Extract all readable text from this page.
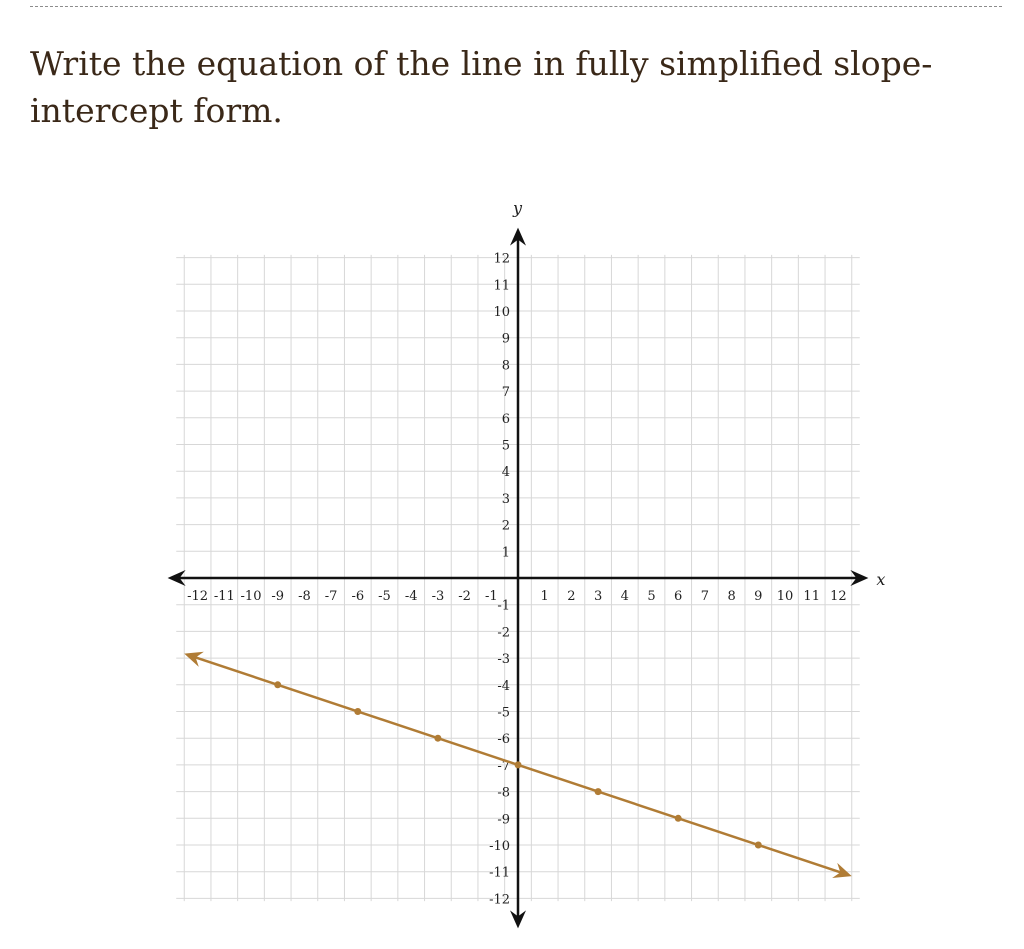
Write the equation of the line in fully simplified slope-intercept form.

x
y
-12 -11 -10 -9 -8 -7 -6 -5 -4 -3 -2 -1	1 2 3 4 5 6 7 8 9 10 11 12
12
11
10
9
8
7
6
5
4
3
2
1
-1
-2
-3
-4
-5
-6
-7
-8
-9
-10
-11
-12
